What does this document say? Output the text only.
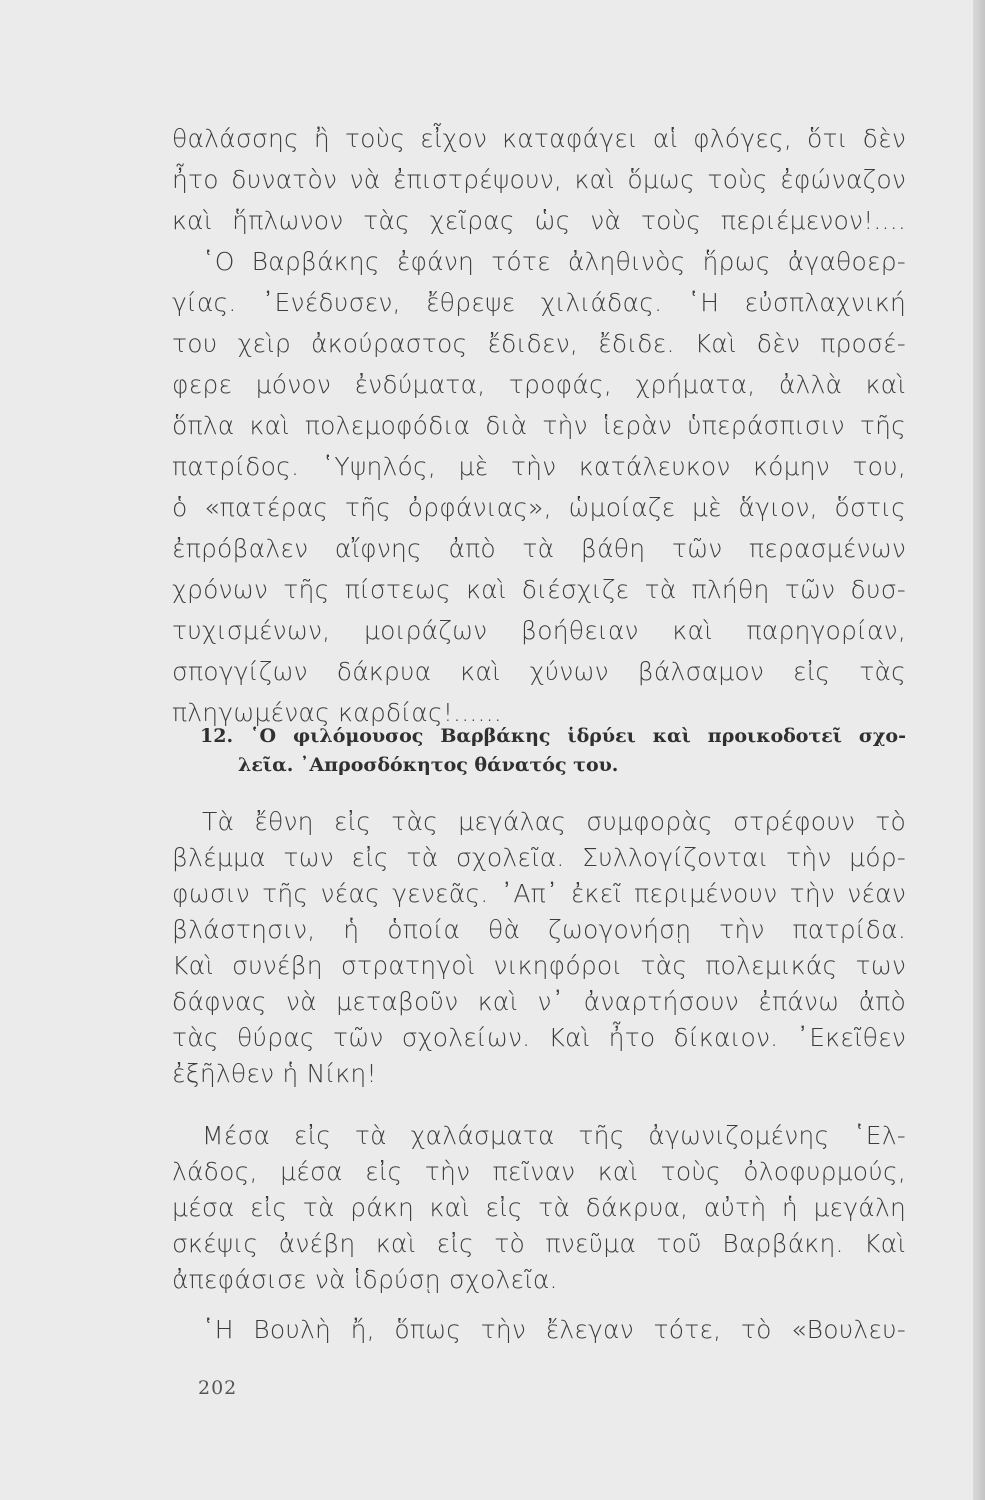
θαλάσσης ἢ τοὺς εἶχον καταφάγει αἱ φλόγες, ὅτι δὲν
ἦτο δυνατὸν νὰ ἐπιστρέψουν, καὶ ὅμως τοὺς ἐφώναζον
καὶ ἥπλωνον τὰς χεῖρας ὡς νὰ τοὺς περιέμενον!....
῾Ο Βαρβάκης ἐφάνη τότε ἀληθινὸς ἥρως ἀγαθοερ-
γίας. ᾿Ενέδυσεν, ἔθρεψε χιλιάδας. ῾Η εὐσπλαχνική
του χεὶρ ἀκούραστος ἔδιδεν, ἔδιδε. Καὶ δὲν προσέ-
φερε μόνον ἐνδύματα, τροφάς, χρήματα, ἀλλὰ καὶ
ὅπλα καὶ πολεμοφόδια διὰ τὴν ἱερὰν ὑπεράσπισιν τῆς
πατρίδος. ῾Υψηλός, μὲ τὴν κατάλευκον κόμην του,
ὁ «πατέρας τῆς ὀρφάνιας», ὡμοίαζε μὲ ἅγιον, ὅστις
ἐπρόβαλεν αἴφνης ἀπὸ τὰ βάθη τῶν περασμένων
χρόνων τῆς πίστεως καὶ διέσχιζε τὰ πλήθη τῶν δυσ-
τυχισμένων, μοιράζων βοήθειαν καὶ παρηγορίαν,
σπογγίζων δάκρυα καὶ χύνων βάλσαμον εἰς τὰς
πληγωμένας καρδίας!......
12. ῾Ο φιλόμουσος Βαρβάκης ἱδρύει καὶ προικοδοτεῖ σχο-
λεῖα. ᾿Απροσδόκητος θάνατός του.
Τὰ ἔθνη εἰς τὰς μεγάλας συμφορὰς στρέφουν τὸ
βλέμμα των εἰς τὰ σχολεῖα. Συλλογίζονται τὴν μόρ-
φωσιν τῆς νέας γενεᾶς. ᾿Απ᾿ ἐκεῖ περιμένουν τὴν νέαν
βλάστησιν, ἡ ὁποία θὰ ζωογονήσῃ τὴν πατρίδα.
Καὶ συνέβη στρατηγοὶ νικηφόροι τὰς πολεμικάς των
δάφνας νὰ μεταβοῦν καὶ ν᾿ ἀναρτήσουν ἐπάνω ἀπὸ
τὰς θύρας τῶν σχολείων. Καὶ ἦτο δίκαιον. ᾿Εκεῖθεν
ἐξῆλθεν ἡ Νίκη!
Μέσα εἰς τὰ χαλάσματα τῆς ἀγωνιζομένης ῾Ελ-
λάδος, μέσα εἰς τὴν πεῖναν καὶ τοὺς ὀλοφυρμούς,
μέσα εἰς τὰ ράκη καὶ εἰς τὰ δάκρυα, αὐτὴ ἡ μεγάλη
σκέψις ἀνέβη καὶ εἰς τὸ πνεῦμα τοῦ Βαρβάκη. Καὶ
ἀπεφάσισε νὰ ἱδρύσῃ σχολεῖα.
῾Η Βουλὴ ἤ, ὅπως τὴν ἔλεγαν τότε, τὸ «Βουλευ-
202
